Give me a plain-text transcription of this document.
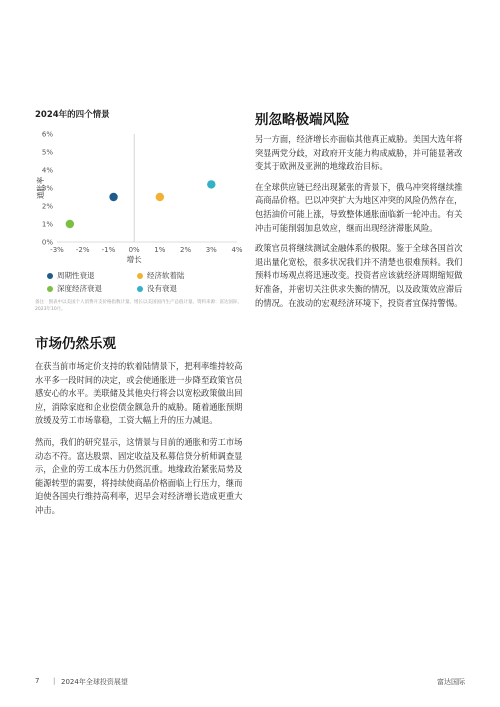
2024年的四个情景
0%
1%
2%
3%
4%
5%
6%
-3% -2% -1% 0% 1% 2% 3% 4%
通胀率
增长
周期性衰退	经济软着陆
深度经济衰退	没有衰退
备注：图表中以美国个人消费开支价格指数计量。增长以美国国内生产总值计量。资料来源：富达国际，2023年10月。
市场仍然乐观

在获当前市场定价支持的软着陆情景下，把利率维持较高水平多一段时间的决定，或会使通胀进一步降至政策官员感安心的水平。美联储及其他央行将会以宽松政策做出回应，消除家庭和企业偿债金额急升的威胁。随着通胀预期放缓及劳工市场靠稳，工资大幅上升的压力减退。

然而，我们的研究显示，这情景与目前的通胀和劳工市场动态不符。富达股票、固定收益及私募信贷分析师调查显示，企业的劳工成本压力仍然沉重。地缘政治紧张局势及能源转型的需要，将持续使商品价格面临上行压力，继而迫使各国央行维持高利率，迟早会对经济增长造成更重大冲击。

别忽略极端风险

另一方面，经济增长亦面临其他真正威胁。美国大选年将突显两党分歧，对政府开支能力构成威胁，并可能显著改变其于欧洲及亚洲的地缘政治目标。

在全球供应链已经出现紧张的背景下，俄乌冲突将继续推高商品价格。巴以冲突扩大为地区冲突的风险仍然存在，包括油价可能上涨，导致整体通胀面临新一轮冲击。有关冲击可能削弱加息效应，继而出现经济滞胀风险。

政策官员将继续测试金融体系的极限。鉴于全球各国首次退出量化宽松，很多状况我们并不清楚也很难预料。我们预料市场观点将迅速改变。投资者应该就经济周期缩短做好准备，并密切关注供求失衡的情况，以及政策效应滞后的情况。在波动的宏观经济环境下，投资者宜保持警惕。

7 | 2024年全球投资展望	富达国际
